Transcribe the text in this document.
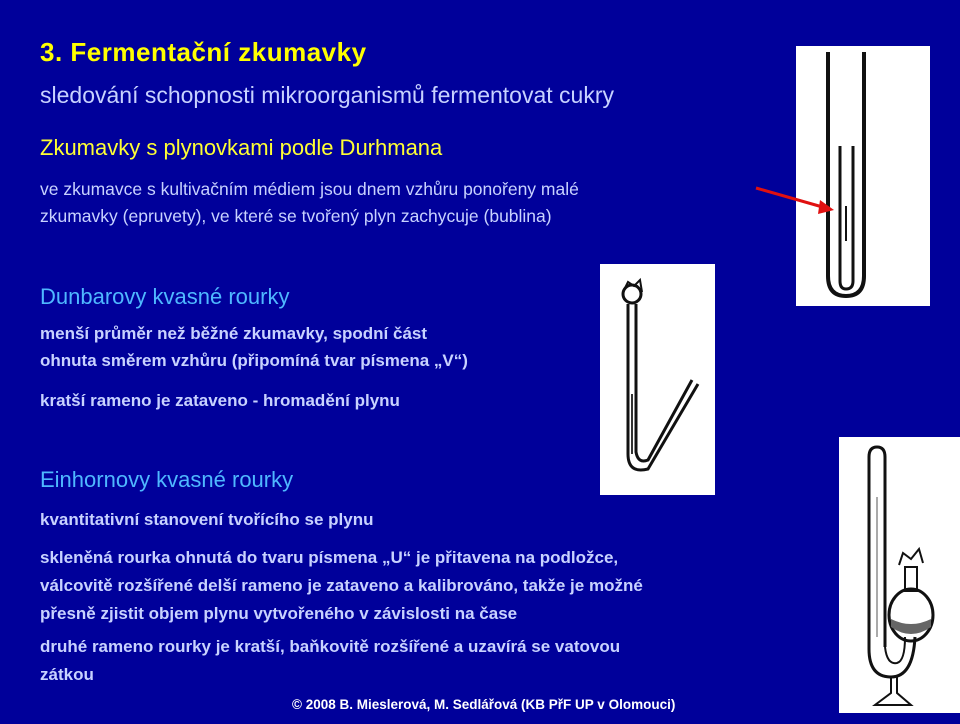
3. Fermentační zkumavky

sledování schopnosti mikroorganismů fermentovat cukry

Zkumavky s plynovkami podle Durhmana

ve zkumavce s kultivačním médiem jsou dnem vzhůru ponořeny malé
zkumavky (epruvety), ve které se tvořený plyn zachycuje (bublina)

Dunbarovy kvasné rourky

menší průměr než běžné zkumavky, spodní část
ohnuta směrem vzhůru (připomíná tvar písmena „V“)

kratší rameno je zataveno - hromadění plynu

Einhornovy kvasné rourky

kvantitativní stanovení tvořícího se plynu

skleněná rourka ohnutá do tvaru písmena „U“ je přitavena na podložce,
válcovitě rozšířené delší rameno je zataveno a kalibrováno, takže je možné
přesně zjistit objem plynu vytvořeného v závislosti na čase

druhé rameno rourky je kratší, baňkovitě rozšířené a uzavírá se vatovou
zátkou

© 2008 B. Mieslerová, M. Sedlářová (KB PřF UP v Olomouci)
